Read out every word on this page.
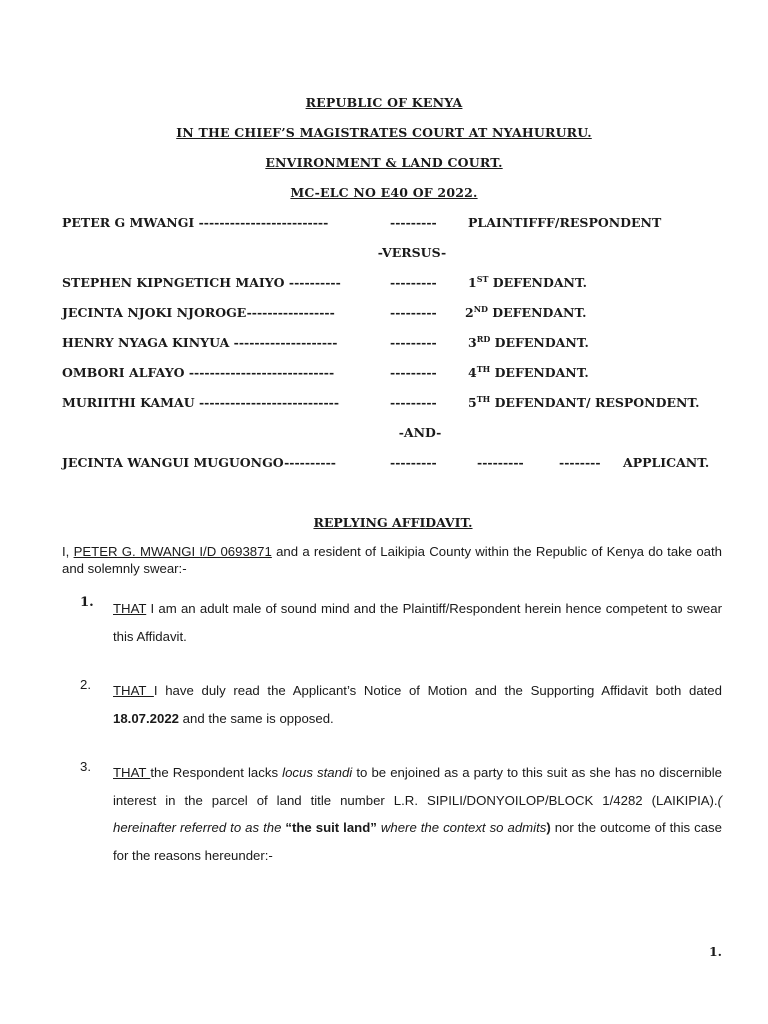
REPUBLIC OF KENYA
IN THE CHIEF’S MAGISTRATES COURT AT NYAHURURU.
ENVIRONMENT & LAND COURT.
MC-ELC NO E40 OF 2022.
PETER G MWANGI -------------------------	---------	PLAINTIFFF/RESPONDENT
-VERSUS-
STEPHEN KIPNGETICH MAIYO ----------	---------	1ST DEFENDANT.
JECINTA NJOKI NJOROGE-----------------	--------- 2ND DEFENDANT.
HENRY NYAGA KINYUA --------------------	---------	3RD DEFENDANT.
OMBORI ALFAYO ----------------------------	---------	4TH DEFENDANT.
MURIITHI KAMAU ---------------------------	---------	5TH DEFENDANT/ RESPONDENT.
-AND-
JECINTA WANGUI MUGUONGO----------	---------	---------	-------- APPLICANT.
REPLYING AFFIDAVIT.
I, PETER G. MWANGI I/D 0693871 and a resident of Laikipia County within the Republic of Kenya do take oath and solemnly swear:-
1. THAT I am an adult male of sound mind and the Plaintiff/Respondent herein hence competent to swear this Affidavit.
2. THAT I have duly read the Applicant’s Notice of Motion and the Supporting Affidavit both dated 18.07.2022 and the same is opposed.
3. THAT the Respondent lacks locus standi to be enjoined as a party to this suit as she has no discernible interest in the parcel of land title number L.R. SIPILI/DONYOILOP/BLOCK 1/4282 (LAIKIPIA).( hereinafter referred to as the “the suit land” where the context so admits) nor the outcome of this case for the reasons hereunder:-
1.
